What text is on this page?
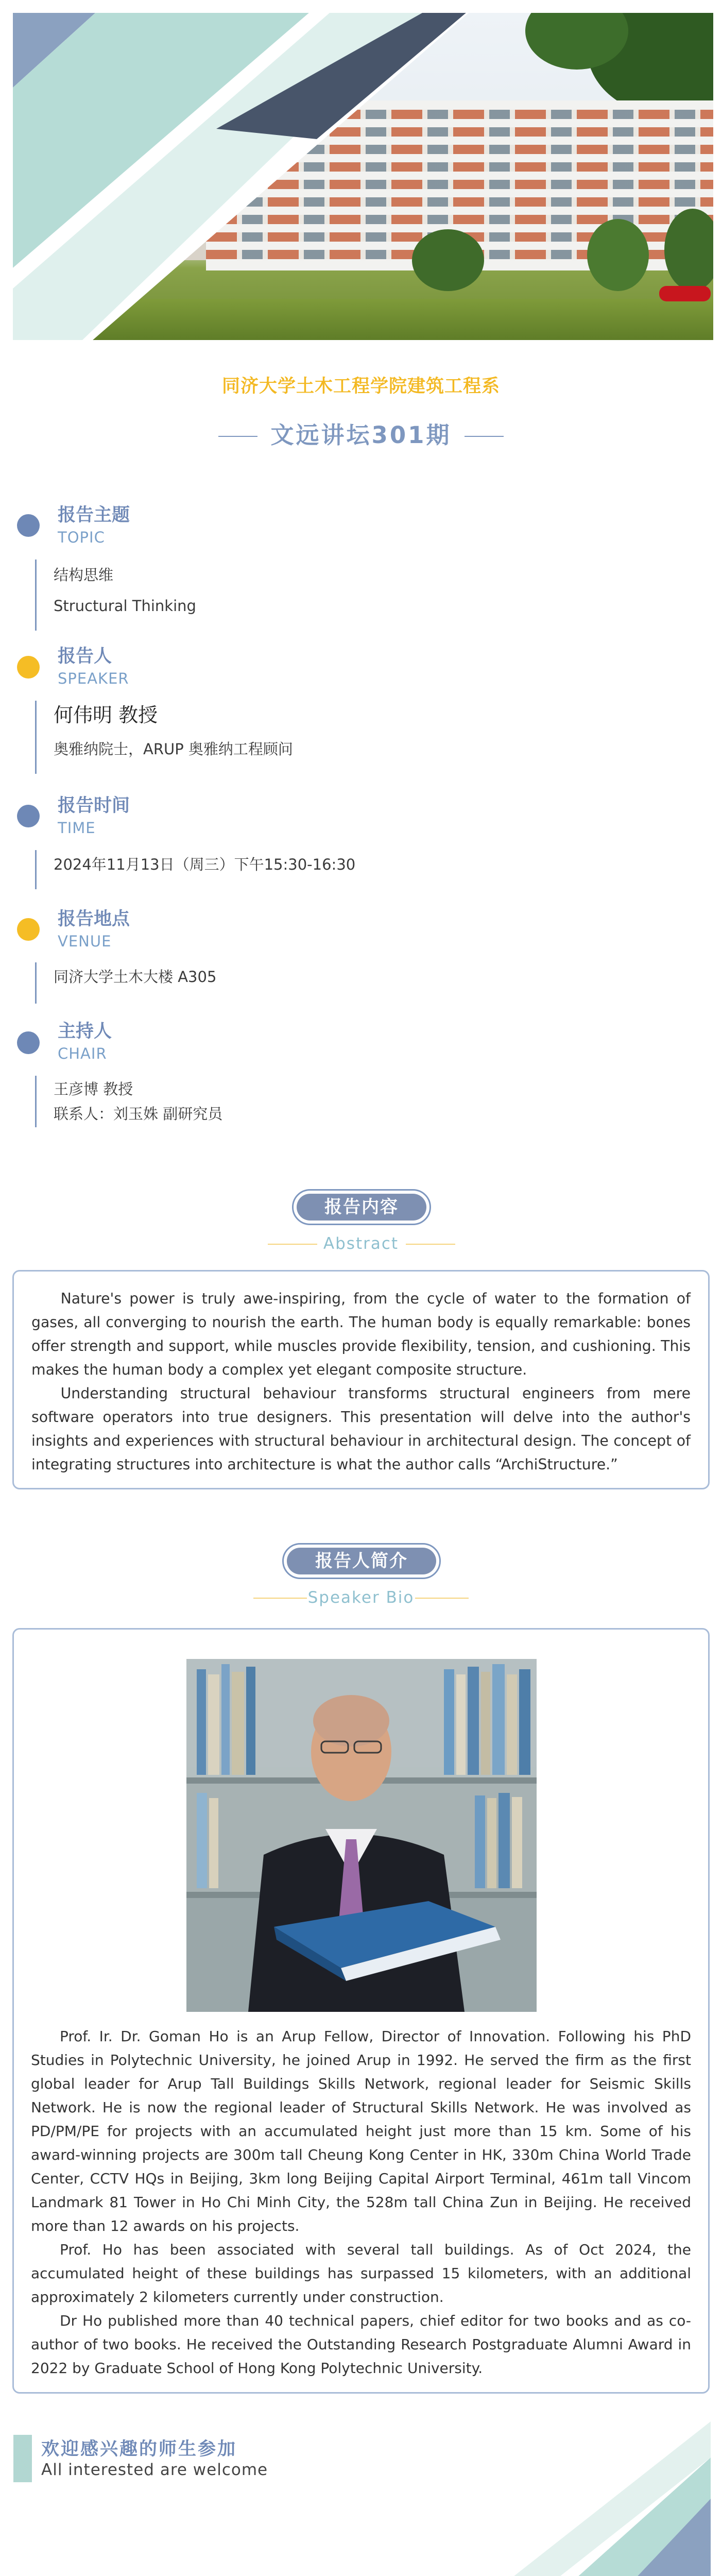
同济大学土木工程学院建筑工程系
文远讲坛301期
报告主题
TOPIC
结构思维
Structural Thinking
报告人
SPEAKER
何伟明 教授
奥雅纳院士，ARUP 奥雅纳工程顾问
报告时间
TIME
2024年11月13日（周三）下午15:30-16:30
报告地点
VENUE
同济大学土木大楼 A305
主持人
CHAIR
王彦博 教授
联系人：刘玉姝 副研究员
报告内容
Abstract

Nature's power is truly awe-inspiring, from the cycle of water to the formation of gases, all converging to nourish the earth. The human body is equally remarkable: bones offer strength and support, while muscles provide flexibility, tension, and cushioning. This makes the human body a complex yet elegant composite structure.

Understanding structural behaviour transforms structural engineers from mere software operators into true designers. This presentation will delve into the author's insights and experiences with structural behaviour in architectural design. The concept of integrating structures into architecture is what the author calls “ArchiStructure.”

报告人简介
Speaker Bio

Prof. Ir. Dr. Goman Ho is an Arup Fellow, Director of Innovation. Following his PhD Studies in Polytechnic University, he joined Arup in 1992. He served the firm as the first global leader for Arup Tall Buildings Skills Network, regional leader for Seismic Skills Network. He is now the regional leader of Structural Skills Network. He was involved as PD/PM/PE for projects with an accumulated height just more than 15 km. Some of his award-winning projects are 300m tall Cheung Kong Center in HK, 330m China World Trade Center, CCTV HQs in Beijing, 3km long Beijing Capital Airport Terminal, 461m tall Vincom Landmark 81 Tower in Ho Chi Minh City, the 528m tall China Zun in Beijing. He received more than 12 awards on his projects.

Prof. Ho has been associated with several tall buildings. As of Oct 2024, the accumulated height of these buildings has surpassed 15 kilometers, with an additional approximately 2 kilometers currently under construction.

Dr Ho published more than 40 technical papers, chief editor for two books and as co-author of two books. He received the Outstanding Research Postgraduate Alumni Award in 2022 by Graduate School of Hong Kong Polytechnic University.

欢迎感兴趣的师生参加
All interested are welcome
